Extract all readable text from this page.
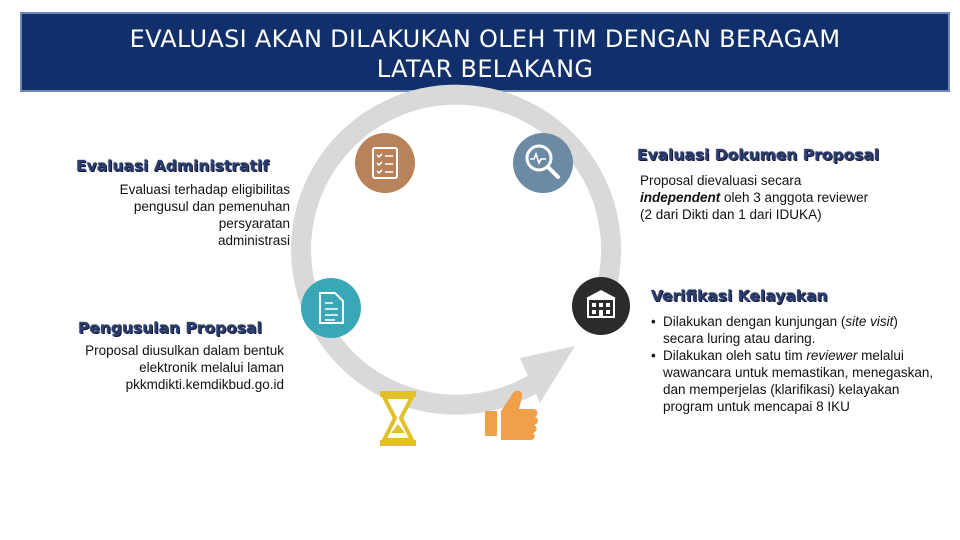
EVALUASI AKAN DILAKUKAN OLEH TIM DENGAN BERAGAM
LATAR BELAKANG
Evaluasi Administratif
Evaluasi terhadap eligibilitas
pengusul dan pemenuhan
persyaratan
administrasi
Evaluasi Dokumen Proposal
Proposal dievaluasi secara
independent oleh 3 anggota reviewer
(2 dari Dikti dan 1 dari IDUKA)
Verifikasi Kelayakan
• Dilakukan dengan kunjungan (site visit) secara luring atau daring.
• Dilakukan oleh satu tim reviewer melalui wawancara untuk memastikan, menegaskan, dan memperjelas (klarifikasi) kelayakan program untuk mencapai 8 IKU
Pengusulan Proposal
Proposal diusulkan dalam bentuk
elektronik melalui laman
pkkmdikti.kemdikbud.go.id
